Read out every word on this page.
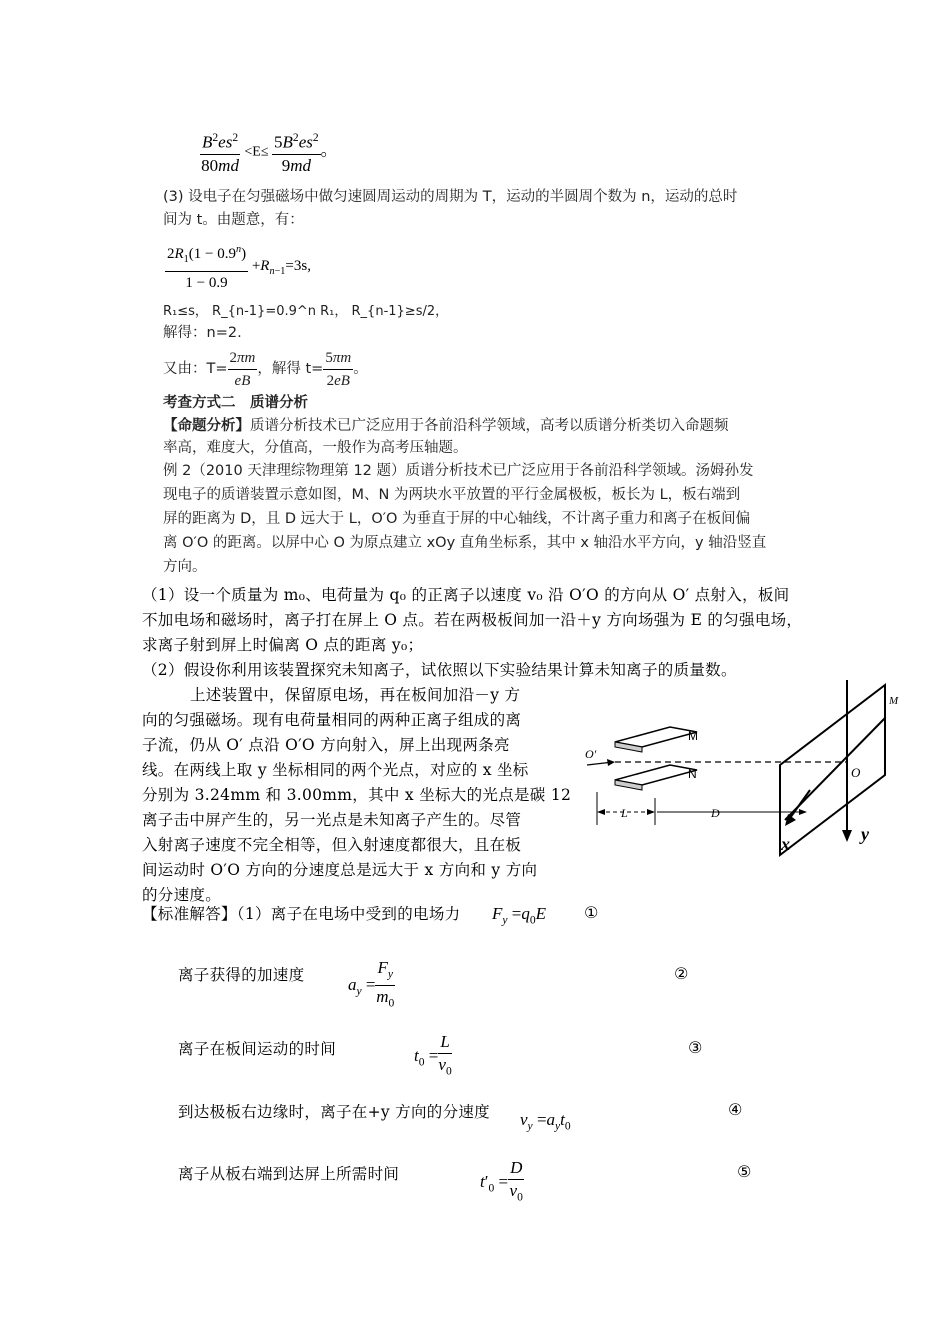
$\frac{B^2es^2}{80md} <E\le \frac{5B^2es^2}{9md}$ 。
(3) 设电子在匀强磁场中做匀速圆周运动的周期为 T，运动的半圆周个数为 n，运动的总时
间为 t。由题意，有：
$\frac{2R_1(1 - 0.9^n)}{1 - 0.9} +R_{n-1}=3s$,
R₁≤s， R_{n-1}=0.9^n R₁， R_{n-1}≥s/2，
解得：n=2.
又由：$T= \frac{2\pi m}{eB}$ ，解得 $t= \frac{5\pi m}{2eB}$ 。
考查方式二　质谱分析
【命题分析】质谱分析技术已广泛应用于各前沿科学领域，高考以质谱分析类切入命题频
率高，难度大，分值高，一般作为高考压轴题。
例 2（2010 天津理综物理第 12 题）质谱分析技术已广泛应用于各前沿科学领域。汤姆孙发
现电子的质谱装置示意如图，M、N 为两块水平放置的平行金属极板，板长为 L，板右端到
屏的距离为 D，且 D 远大于 L，O′O 为垂直于屏的中心轴线，不计离子重力和离子在板间偏
离 O′O 的距离。以屏中心 O 为原点建立 xOy 直角坐标系，其中 x 轴沿水平方向，y 轴沿竖直
方向。
（1）设一个质量为 m₀、电荷量为 q₀ 的正离子以速度 v₀ 沿 O′O 的方向从 O′ 点射入，板间
不加电场和磁场时，离子打在屏上 O 点。若在两极板间加一沿＋y 方向场强为 E 的匀强电场，
求离子射到屏上时偏离 O 点的距离 y₀；
（2）假设你利用该装置探究未知离子，试依照以下实验结果计算未知离子的质量数。
上述装置中，保留原电场，再在板间加沿－y 方
向的匀强磁场。现有电荷量相同的两种正离子组成的离
子流，仍从 O′ 点沿 O′O 方向射入，屏上出现两条亮
线。在两线上取 y 坐标相同的两个光点，对应的 x 坐标
分别为 3.24mm 和 3.00mm，其中 x 坐标大的光点是碳 12
离子击中屏产生的，另一光点是未知离子产生的。尽管
入射离子速度不完全相等，但入射速度都很大，且在板
间运动时 O′O 方向的分速度总是远大于 x 方向和 y 方向
的分速度。
M
N
O′
O
L	D
x	y
M
【标准解答】（1）离子在电场中受到的电场力 $F_y =q_0E$ ①
离子获得的加速度	$a_y = \frac{F_y}{m_0}$	②
离子在板间运动的时间	$t_0 = \frac{L}{v_0}$	③
到达极板右边缘时，离子在+y 方向的分速度 $v_y =a_yt_0$
④
离子从板右端到达屏上所需时间	$t'_0 = \frac{D}{v_0}$	⑤
